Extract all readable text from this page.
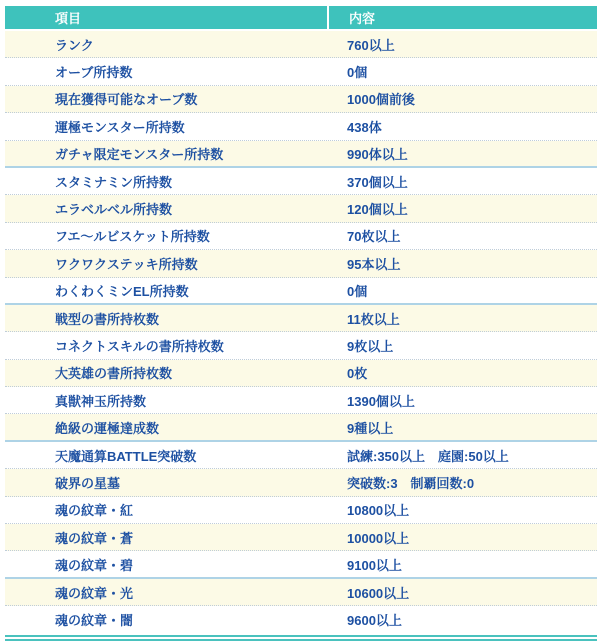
項目	内容
ランク	760以上
オーブ所持数	0個
現在獲得可能なオーブ数	1000個前後
運極モンスター所持数	438体
ガチャ限定モンスター所持数	990体以上
スタミナミン所持数	370個以上
エラベルベル所持数	120個以上
フエ〜ルビスケット所持数	70枚以上
ワクワクステッキ所持数	95本以上
わくわくミンEL所持数	0個
戦型の書所持枚数	11枚以上
コネクトスキルの書所持枚数	9枚以上
大英雄の書所持枚数	0枚
真獣神玉所持数	1390個以上
絶級の運極達成数	9種以上
天魔通算BATTLE突破数	試練:350以上　庭園:50以上
破界の星墓	突破数:3　制覇回数:0
魂の紋章・紅	10800以上
魂の紋章・蒼	10000以上
魂の紋章・碧	9100以上
魂の紋章・光	10600以上
魂の紋章・闇	9600以上
